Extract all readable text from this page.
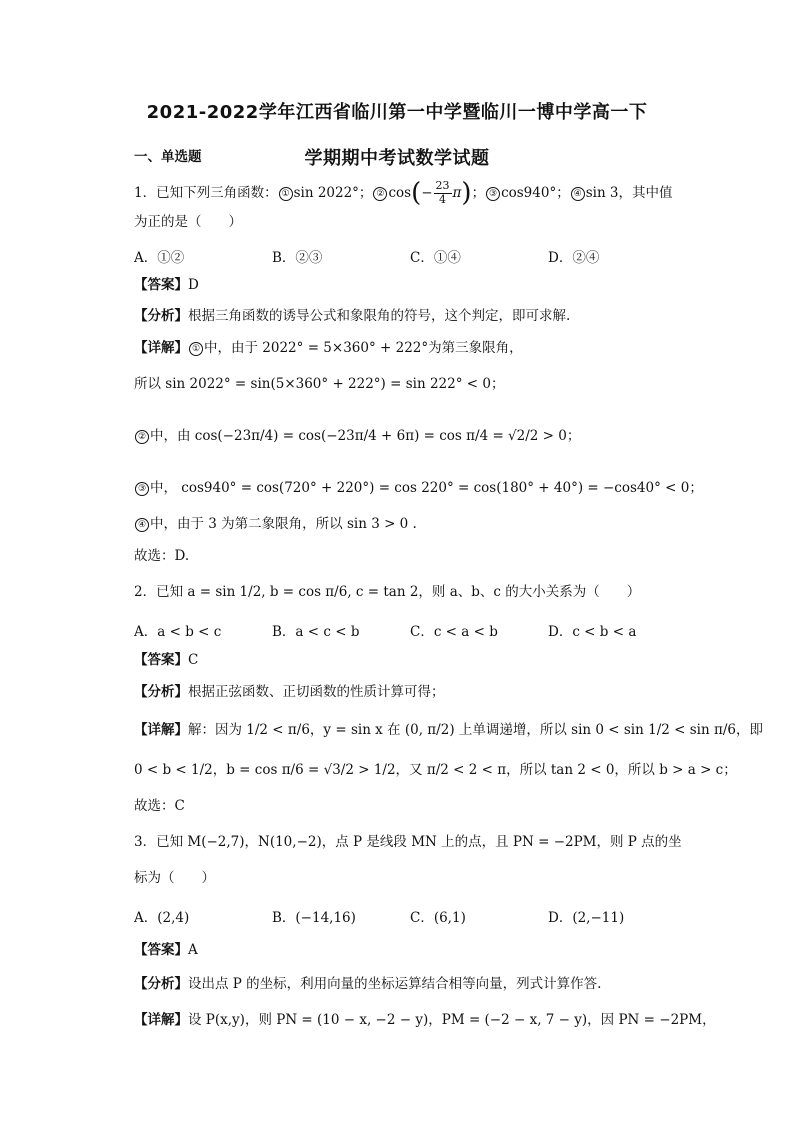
2021-2022学年江西省临川第一中学暨临川一博中学高一下
学期期中考试数学试题
一、单选题
1．已知下列三角函数： ① sin 2022°； ② $\cos(- \frac{23}{4} \pi)$； ③ cos940°； ④ sin 3，其中值
为正的是（　　）
A．①②	B．②③	C．①④	D．②④
【答案】D
【分析】根据三角函数的诱导公式和象限角的符号，这个判定，即可求解.
【详解】 ① 中，由于 2022° = 5×360° + 222°为第三象限角，
所以 sin 2022° = sin(5×360° + 222°) = sin 222° < 0；
② 中，由 cos(−23π/4) = cos(−23π/4 + 6π) = cos π/4 = √2/2 > 0；
③ 中， cos940° = cos(720° + 220°) = cos 220° = cos(180° + 40°) = −cos40° < 0；
④ 中，由于 3 为第二象限角，所以 sin 3 > 0 .
故选：D.
2．已知 a = sin 1/2, b = cos π/6, c = tan 2，则 a、b、c 的大小关系为（　　）
A．a < b < c	B．a < c < b	C．c < a < b	D．c < b < a
【答案】C
【分析】根据正弦函数、正切函数的性质计算可得；
【详解】解：因为 1/2 < π/6，y = sin x 在 (0, π/2) 上单调递增，所以 sin 0 < sin 1/2 < sin π/6，即
0 < b < 1/2，b = cos π/6 = √3/2 > 1/2，又 π/2 < 2 < π，所以 tan 2 < 0，所以 b > a > c；
故选：C
3．已知 M(−2,7)，N(10,−2)，点 P 是线段 MN 上的点，且 PN = −2PM，则 P 点的坐
标为（　　）
A．(2,4)	B．(−14,16)	C．(6,1)	D．(2,−11)
【答案】A
【分析】设出点 P 的坐标，利用向量的坐标运算结合相等向量，列式计算作答.
【详解】设 P(x,y)，则 PN = (10 − x, −2 − y)，PM = (−2 − x, 7 − y)，因 PN = −2PM，
